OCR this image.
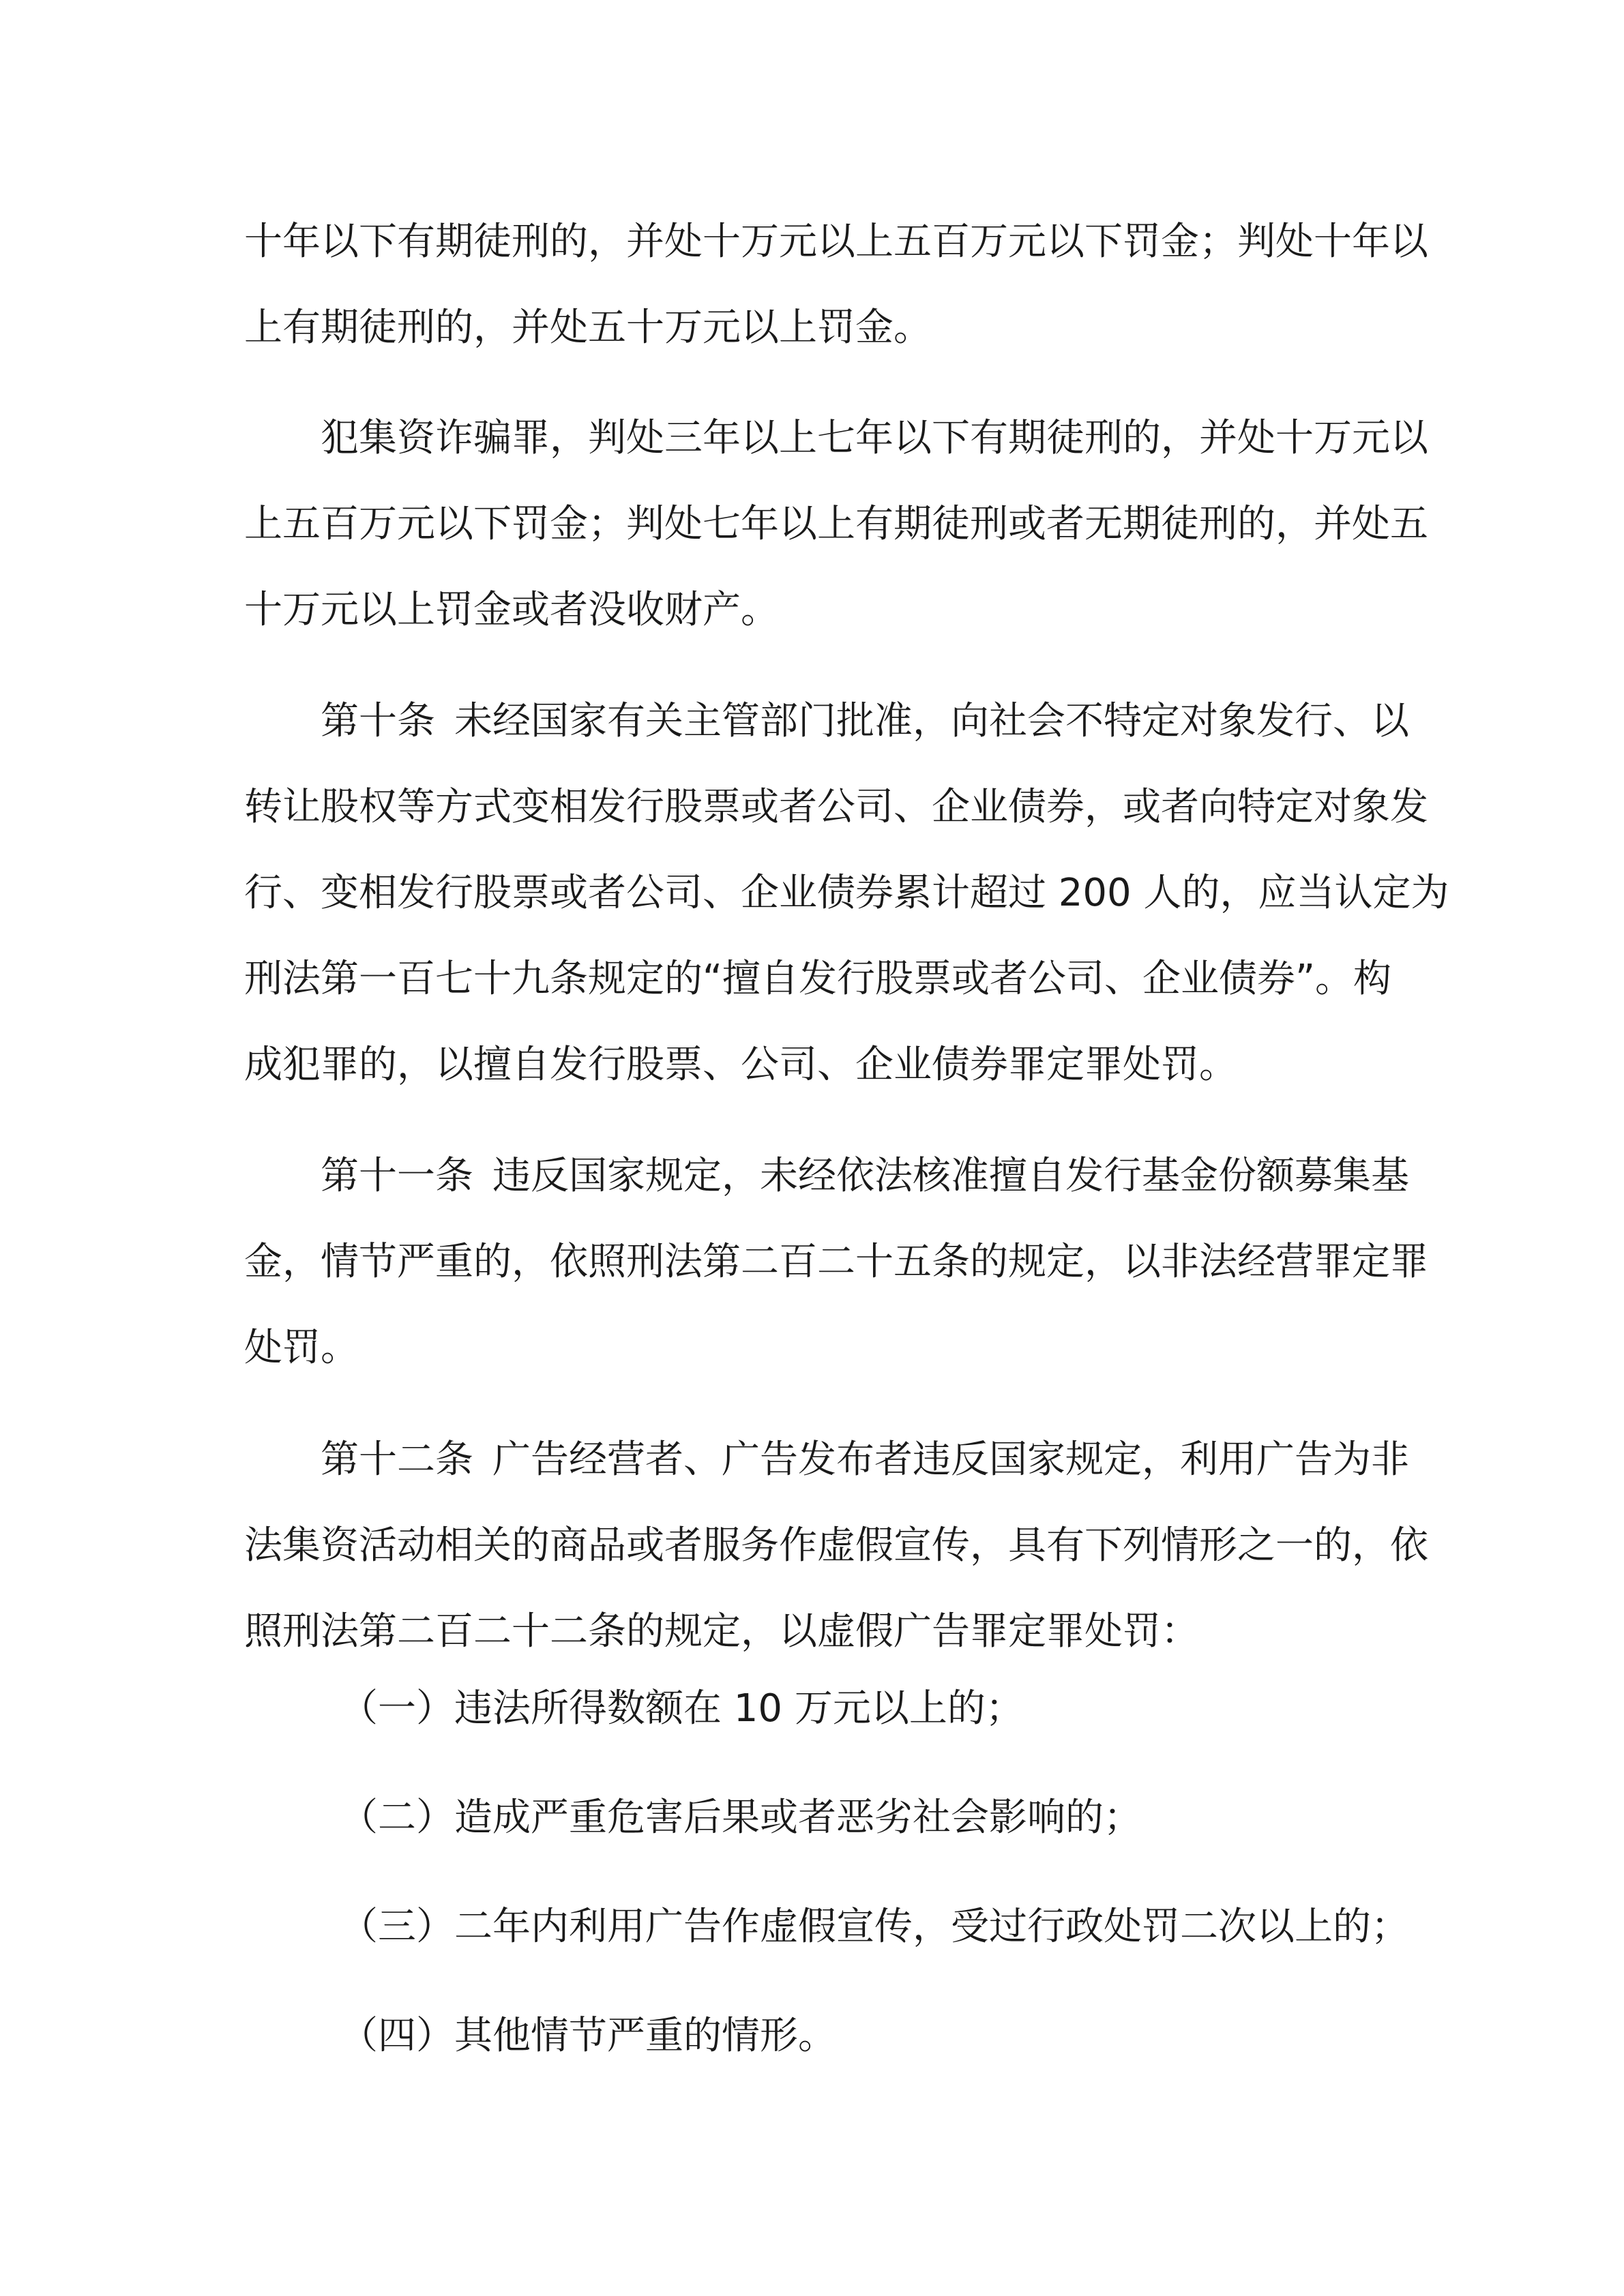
十年以下有期徒刑的，并处十万元以上五百万元以下罚金；判处十年以
上有期徒刑的，并处五十万元以上罚金。
犯集资诈骗罪，判处三年以上七年以下有期徒刑的，并处十万元以
上五百万元以下罚金；判处七年以上有期徒刑或者无期徒刑的，并处五
十万元以上罚金或者没收财产。
第十条 未经国家有关主管部门批准，向社会不特定对象发行、以
转让股权等方式变相发行股票或者公司、企业债券，或者向特定对象发
行、变相发行股票或者公司、企业债券累计超过 200 人的，应当认定为
刑法第一百七十九条规定的“擅自发行股票或者公司、企业债券”。构
成犯罪的，以擅自发行股票、公司、企业债券罪定罪处罚。
第十一条 违反国家规定，未经依法核准擅自发行基金份额募集基
金，情节严重的，依照刑法第二百二十五条的规定，以非法经营罪定罪
处罚。
第十二条 广告经营者、广告发布者违反国家规定，利用广告为非
法集资活动相关的商品或者服务作虚假宣传，具有下列情形之一的，依
照刑法第二百二十二条的规定，以虚假广告罪定罪处罚：
（一）违法所得数额在 10 万元以上的；
（二）造成严重危害后果或者恶劣社会影响的；
（三）二年内利用广告作虚假宣传，受过行政处罚二次以上的；
（四）其他情节严重的情形。
